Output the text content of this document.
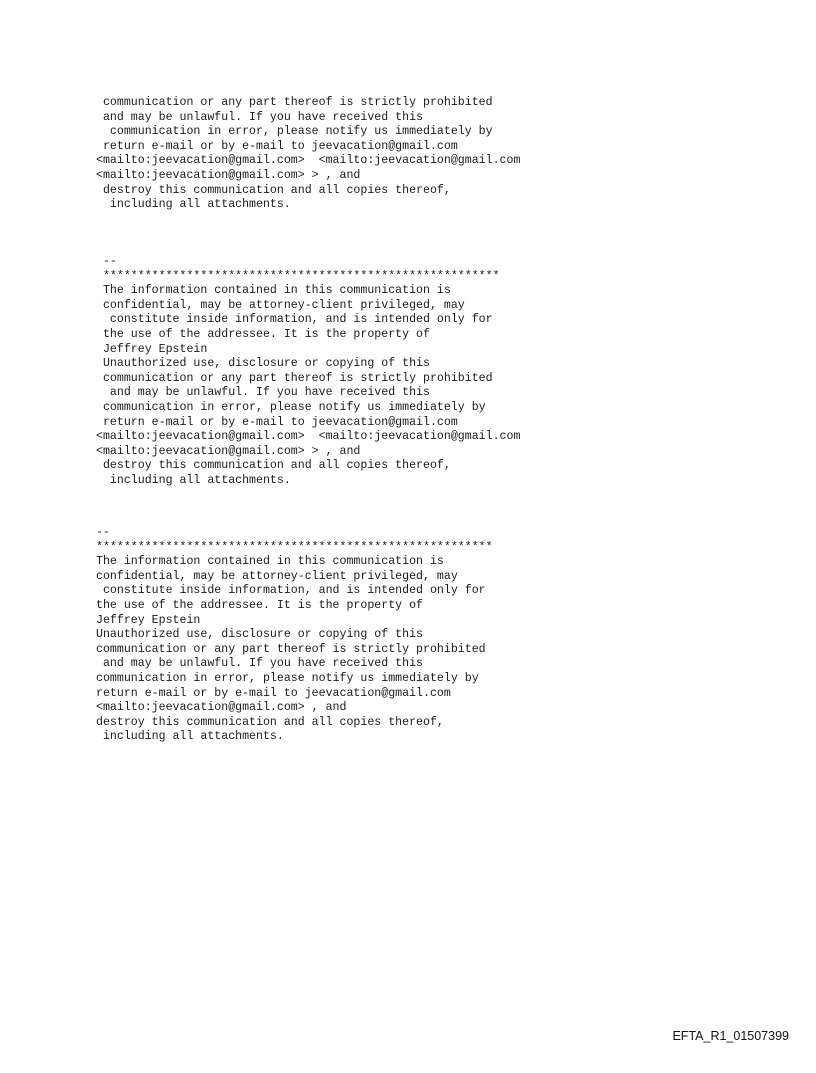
communication or any part thereof is strictly prohibited
and may be unlawful. If you have received this
communication in error, please notify us immediately by
return e-mail or by e-mail to jeevacation@gmail.com
<mailto:jeevacation@gmail.com>  <mailto:jeevacation@gmail.com
<mailto:jeevacation@gmail.com> > , and
destroy this communication and all copies thereof,
including all attachments.
--
*********************************************************
The information contained in this communication is
confidential, may be attorney-client privileged, may
constitute inside information, and is intended only for
the use of the addressee. It is the property of
Jeffrey Epstein
Unauthorized use, disclosure or copying of this
communication or any part thereof is strictly prohibited
and may be unlawful. If you have received this
communication in error, please notify us immediately by
return e-mail or by e-mail to jeevacation@gmail.com
<mailto:jeevacation@gmail.com>  <mailto:jeevacation@gmail.com
<mailto:jeevacation@gmail.com> > , and
destroy this communication and all copies thereof,
including all attachments.
--
*********************************************************
The information contained in this communication is
confidential, may be attorney-client privileged, may
constitute inside information, and is intended only for
the use of the addressee. It is the property of
Jeffrey Epstein
Unauthorized use, disclosure or copying of this
communication or any part thereof is strictly prohibited
and may be unlawful. If you have received this
communication in error, please notify us immediately by
return e-mail or by e-mail to jeevacation@gmail.com
<mailto:jeevacation@gmail.com> , and
destroy this communication and all copies thereof,
including all attachments.
EFTA_R1_01507399
